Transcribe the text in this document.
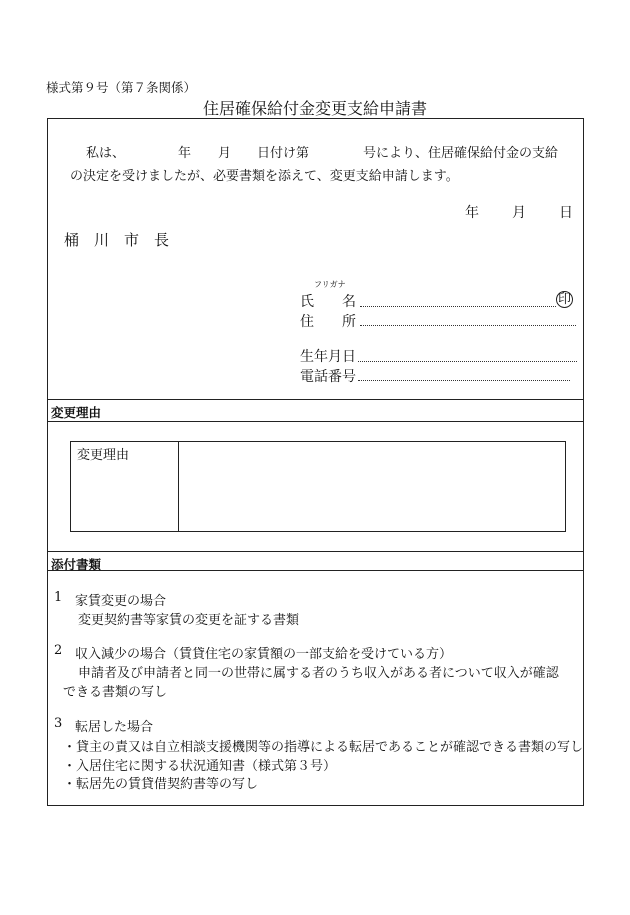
様式第９号（第７条関係）
住居確保給付金変更支給申請書
私は、	年 月 日付け第	号により、住居確保給付金の支給
の決定を受けましたが、必要書類を添えて、変更支給申請します。
年 月 日
桶　川　市　長
フリガナ
氏　　名	印
住　　所
生年月日
電話番号
変更理由
変更理由
添付書類
1 家賃変更の場合
変更契約書等家賃の変更を証する書類
2 収入減少の場合（賃貸住宅の家賃額の一部支給を受けている方）
申請者及び申請者と同一の世帯に属する者のうち収入がある者について収入が確認
できる書類の写し
3 転居した場合
・貸主の責又は自立相談支援機関等の指導による転居であることが確認できる書類の写し
・入居住宅に関する状況通知書（様式第３号）
・転居先の賃貸借契約書等の写し
